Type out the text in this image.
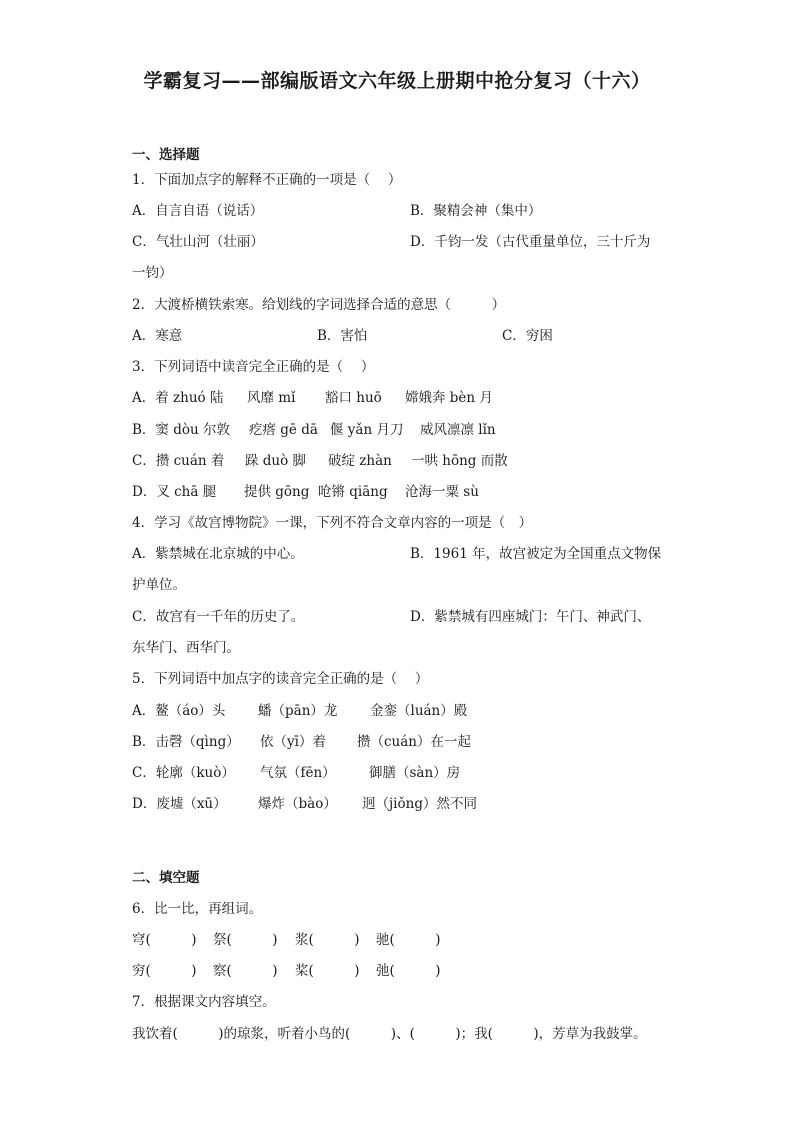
学霸复习——部编版语文六年级上册期中抢分复习（十六）
一、选择题
1．下面加点字的解释不正确的一项是（　 ）
A．自言自语（说话）	B．聚精会神（集中）
C．气壮山河（壮丽）	D．千钧一发（古代重量单位，三十斤为
一钧）
2．大渡桥横铁索寒。给划线的字词选择合适的意思（　　　）
A．寒意	B．害怕	C．穷困
3．下列词语中读音完全正确的是（　 ）
A．着 zhuó 陆 风靡 mǐ 豁口 huō 嫦娥奔 bèn 月
B．窦 dòu 尔敦 疙瘩 gē dā 偃 yǎn 月刀 威风凛凛 lǐn
C．攒 cuán 着 跺 duò 脚 破绽 zhàn 一哄 hōng 而散
D．叉 chā 腿 提供 gōng 呛锵 qiāng 沧海一粟 sù
4．学习《故宫博物院》一课，下列不符合文章内容的一项是（　）
A．紫禁城在北京城的中心。	B．1961 年，故宫被定为全国重点文物保
护单位。
C．故宫有一千年的历史了。	D．紫禁城有四座城门：午门、神武门、
东华门、西华门。
5．下列词语中加点字的读音完全正确的是（　 ）
A．鳌（áo）头 蟠（pān）龙 金銮（luán）殿
B．击磬（qìng） 依（yī）着 攒（cuán）在一起
C．轮廓（kuò） 气氛（fēn） 御膳（sàn）房
D．废墟（xū） 爆炸（bào） 迥（jiǒng）然不同
二、填空题
6．比一比，再组词。
穹(　　　) 祭(　　　) 浆(　　　) 驰(　　　)
穷(　　　) 察(　　　) 桨(　　　) 弛(　　　)
7．根据课文内容填空。
我饮着(　　　)的琼浆，听着小鸟的(　　　)、(　　　)；我(　　　)，芳草为我鼓掌。
